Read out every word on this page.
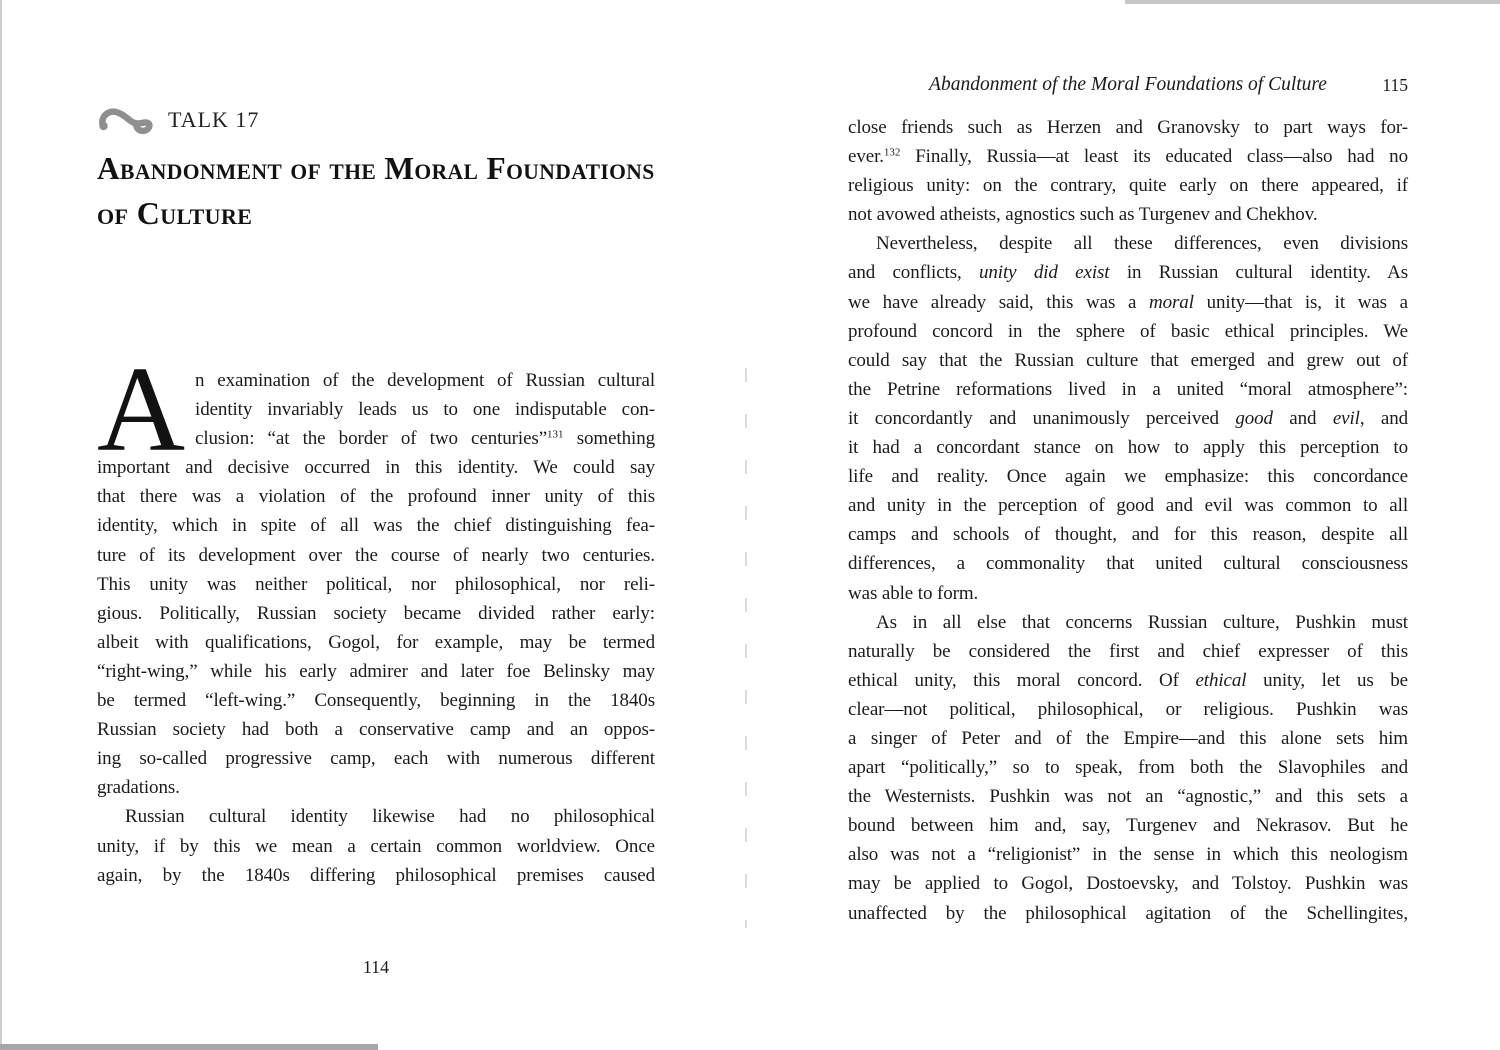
TALK 17
Abandonment of the Moral Foundations
of Culture
A n examination of the development of Russian cultural
identity invariably leads us to one indisputable con-
clusion: “at the border of two centuries”$^{131}$ something
important and decisive occurred in this identity. We could say
that there was a violation of the profound inner unity of this
identity, which in spite of all was the chief distinguishing fea-
ture of its development over the course of nearly two centuries.
This unity was neither political, nor philosophical, nor reli-
gious. Politically, Russian society became divided rather early:
albeit with qualifications, Gogol, for example, may be termed
“right-wing,” while his early admirer and later foe Belinsky may
be termed “left-wing.” Consequently, beginning in the 1840s
Russian society had both a conservative camp and an oppos-
ing so-called progressive camp, each with numerous different
gradations.
Russian cultural identity likewise had no philosophical
unity, if by this we mean a certain common worldview. Once
again, by the 1840s differing philosophical premises caused
114
Abandonment of the Moral Foundations of Culture	115
close friends such as Herzen and Granovsky to part ways for-
ever.$^{132}$ Finally, Russia—at least its educated class—also had no
religious unity: on the contrary, quite early on there appeared, if
not avowed atheists, agnostics such as Turgenev and Chekhov.
Nevertheless, despite all these differences, even divisions
and conflicts, unity did exist in Russian cultural identity. As
we have already said, this was a moral unity—that is, it was a
profound concord in the sphere of basic ethical principles. We
could say that the Russian culture that emerged and grew out of
the Petrine reformations lived in a united “moral atmosphere”:
it concordantly and unanimously perceived good and evil, and
it had a concordant stance on how to apply this perception to
life and reality. Once again we emphasize: this concordance
and unity in the perception of good and evil was common to all
camps and schools of thought, and for this reason, despite all
differences, a commonality that united cultural consciousness
was able to form.
As in all else that concerns Russian culture, Pushkin must
naturally be considered the first and chief expresser of this
ethical unity, this moral concord. Of ethical unity, let us be
clear—not political, philosophical, or religious. Pushkin was
a singer of Peter and of the Empire—and this alone sets him
apart “politically,” so to speak, from both the Slavophiles and
the Westernists. Pushkin was not an “agnostic,” and this sets a
bound between him and, say, Turgenev and Nekrasov. But he
also was not a “religionist” in the sense in which this neologism
may be applied to Gogol, Dostoevsky, and Tolstoy. Pushkin was
unaffected by the philosophical agitation of the Schellingites,
